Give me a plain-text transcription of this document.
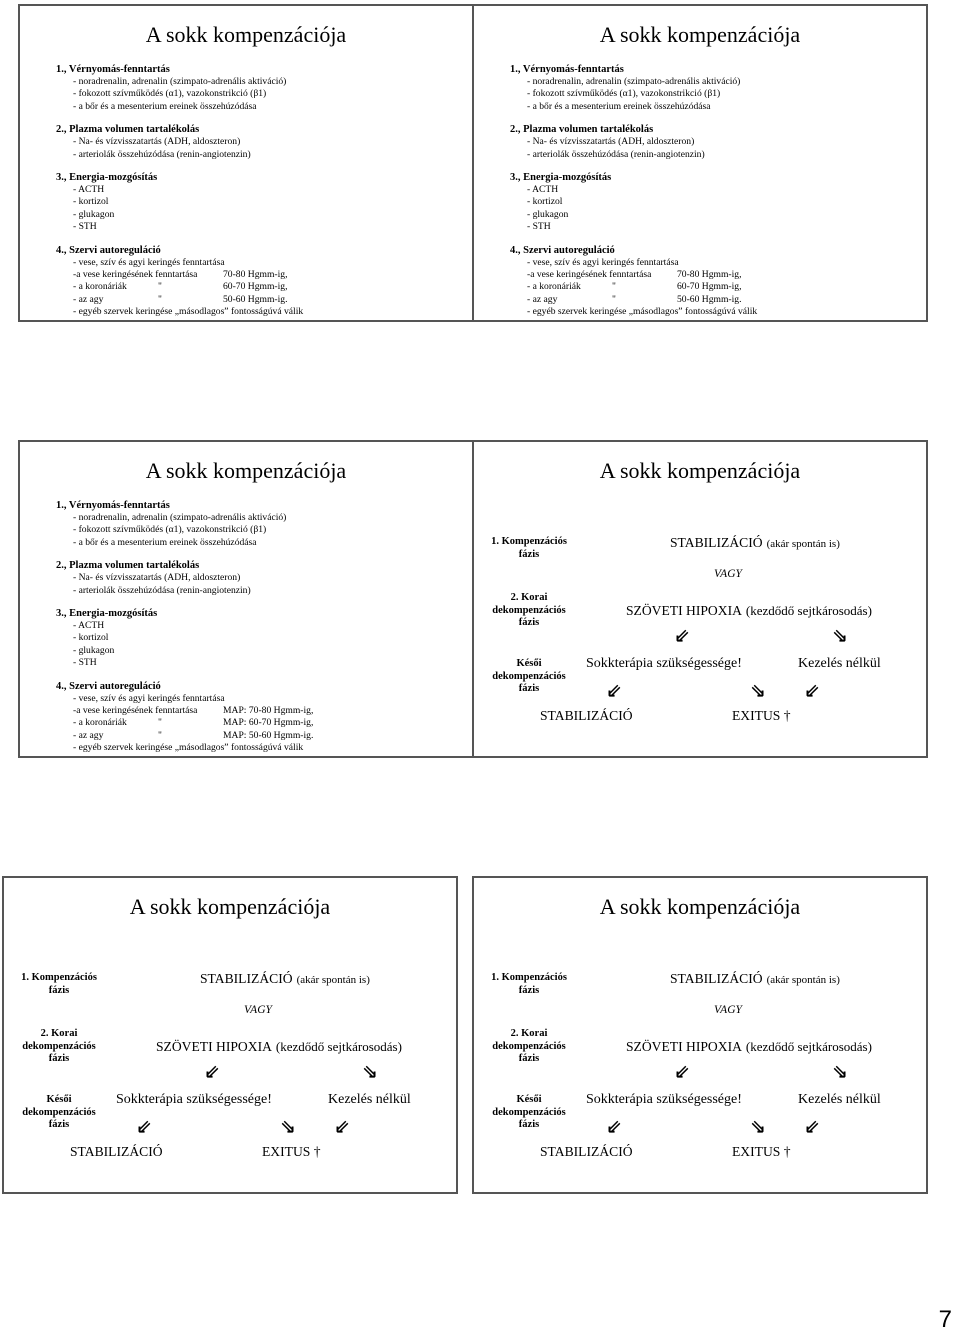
A sokk kompenzációja
1., Vérnyomás-fenntartás
- noradrenalin, adrenalin (szimpato-adrenális aktiváció)
- fokozott szívműködés (α1), vazokonstrikció (β1)
- a bőr és a mesenterium ereinek összehúzódása
2., Plazma volumen tartalékolás
- Na- és vízvisszatartás (ADH, aldoszteron)
- arteriolák összehúzódása (renin-angiotenzin)
3., Energia-mozgósítás
- ACTH
- kortizol
- glukagon
- STH
4., Szervi autoreguláció
- vese, szív és agyi keringés fenntartása
-a vese keringésének fenntartása	70-80 Hgmm-ig,
- a koronáriák	"	60-70 Hgmm-ig,
- az agy	"	50-60 Hgmm-ig.
- egyéb szervek keringése „másodlagos” fontosságúvá válik
A sokk kompenzációja
1., Vérnyomás-fenntartás
- noradrenalin, adrenalin (szimpato-adrenális aktiváció)
- fokozott szívműködés (α1), vazokonstrikció (β1)
- a bőr és a mesenterium ereinek összehúzódása
2., Plazma volumen tartalékolás
- Na- és vízvisszatartás (ADH, aldoszteron)
- arteriolák összehúzódása (renin-angiotenzin)
3., Energia-mozgósítás
- ACTH
- kortizol
- glukagon
- STH
4., Szervi autoreguláció
- vese, szív és agyi keringés fenntartása
-a vese keringésének fenntartása	70-80 Hgmm-ig,
- a koronáriák	"	60-70 Hgmm-ig,
- az agy	"	50-60 Hgmm-ig.
- egyéb szervek keringése „másodlagos” fontosságúvá válik
A sokk kompenzációja
1., Vérnyomás-fenntartás
- noradrenalin, adrenalin (szimpato-adrenális aktiváció)
- fokozott szívműködés (α1), vazokonstrikció (β1)
- a bőr és a mesenterium ereinek összehúzódása
2., Plazma volumen tartalékolás
- Na- és vízvisszatartás (ADH, aldoszteron)
- arteriolák összehúzódása (renin-angiotenzin)
3., Energia-mozgósítás
- ACTH
- kortizol
- glukagon
- STH
4., Szervi autoreguláció
- vese, szív és agyi keringés fenntartása
-a vese keringésének fenntartása	MAP: 70-80 Hgmm-ig,
- a koronáriák	"	MAP: 60-70 Hgmm-ig,
- az agy	"	MAP: 50-60 Hgmm-ig.
- egyéb szervek keringése „másodlagos” fontosságúvá válik
A sokk kompenzációja
1. Kompenzációs
fázis
2. Korai
dekompenzációs
fázis
Késői
dekompenzációs
fázis
STABILIZÁCIÓ (akár spontán is)
VAGY
SZÖVETI HIPOXIA (kezdődő sejtkárosodás)
⇙	⇘
Sokkterápia szükségessége!	Kezelés nélkül
⇙	⇘ ⇙
STABILIZÁCIÓ	EXITUS †
A sokk kompenzációja
1. Kompenzációs
fázis
2. Korai
dekompenzációs
fázis
Késői
dekompenzációs
fázis
STABILIZÁCIÓ (akár spontán is)
VAGY
SZÖVETI HIPOXIA (kezdődő sejtkárosodás)
⇙	⇘
Sokkterápia szükségessége!	Kezelés nélkül
⇙	⇘ ⇙
STABILIZÁCIÓ	EXITUS †
A sokk kompenzációja
1. Kompenzációs
fázis
2. Korai
dekompenzációs
fázis
Késői
dekompenzációs
fázis
STABILIZÁCIÓ (akár spontán is)
VAGY
SZÖVETI HIPOXIA (kezdődő sejtkárosodás)
⇙	⇘
Sokkterápia szükségessége!	Kezelés nélkül
⇙	⇘ ⇙
STABILIZÁCIÓ	EXITUS †
7
